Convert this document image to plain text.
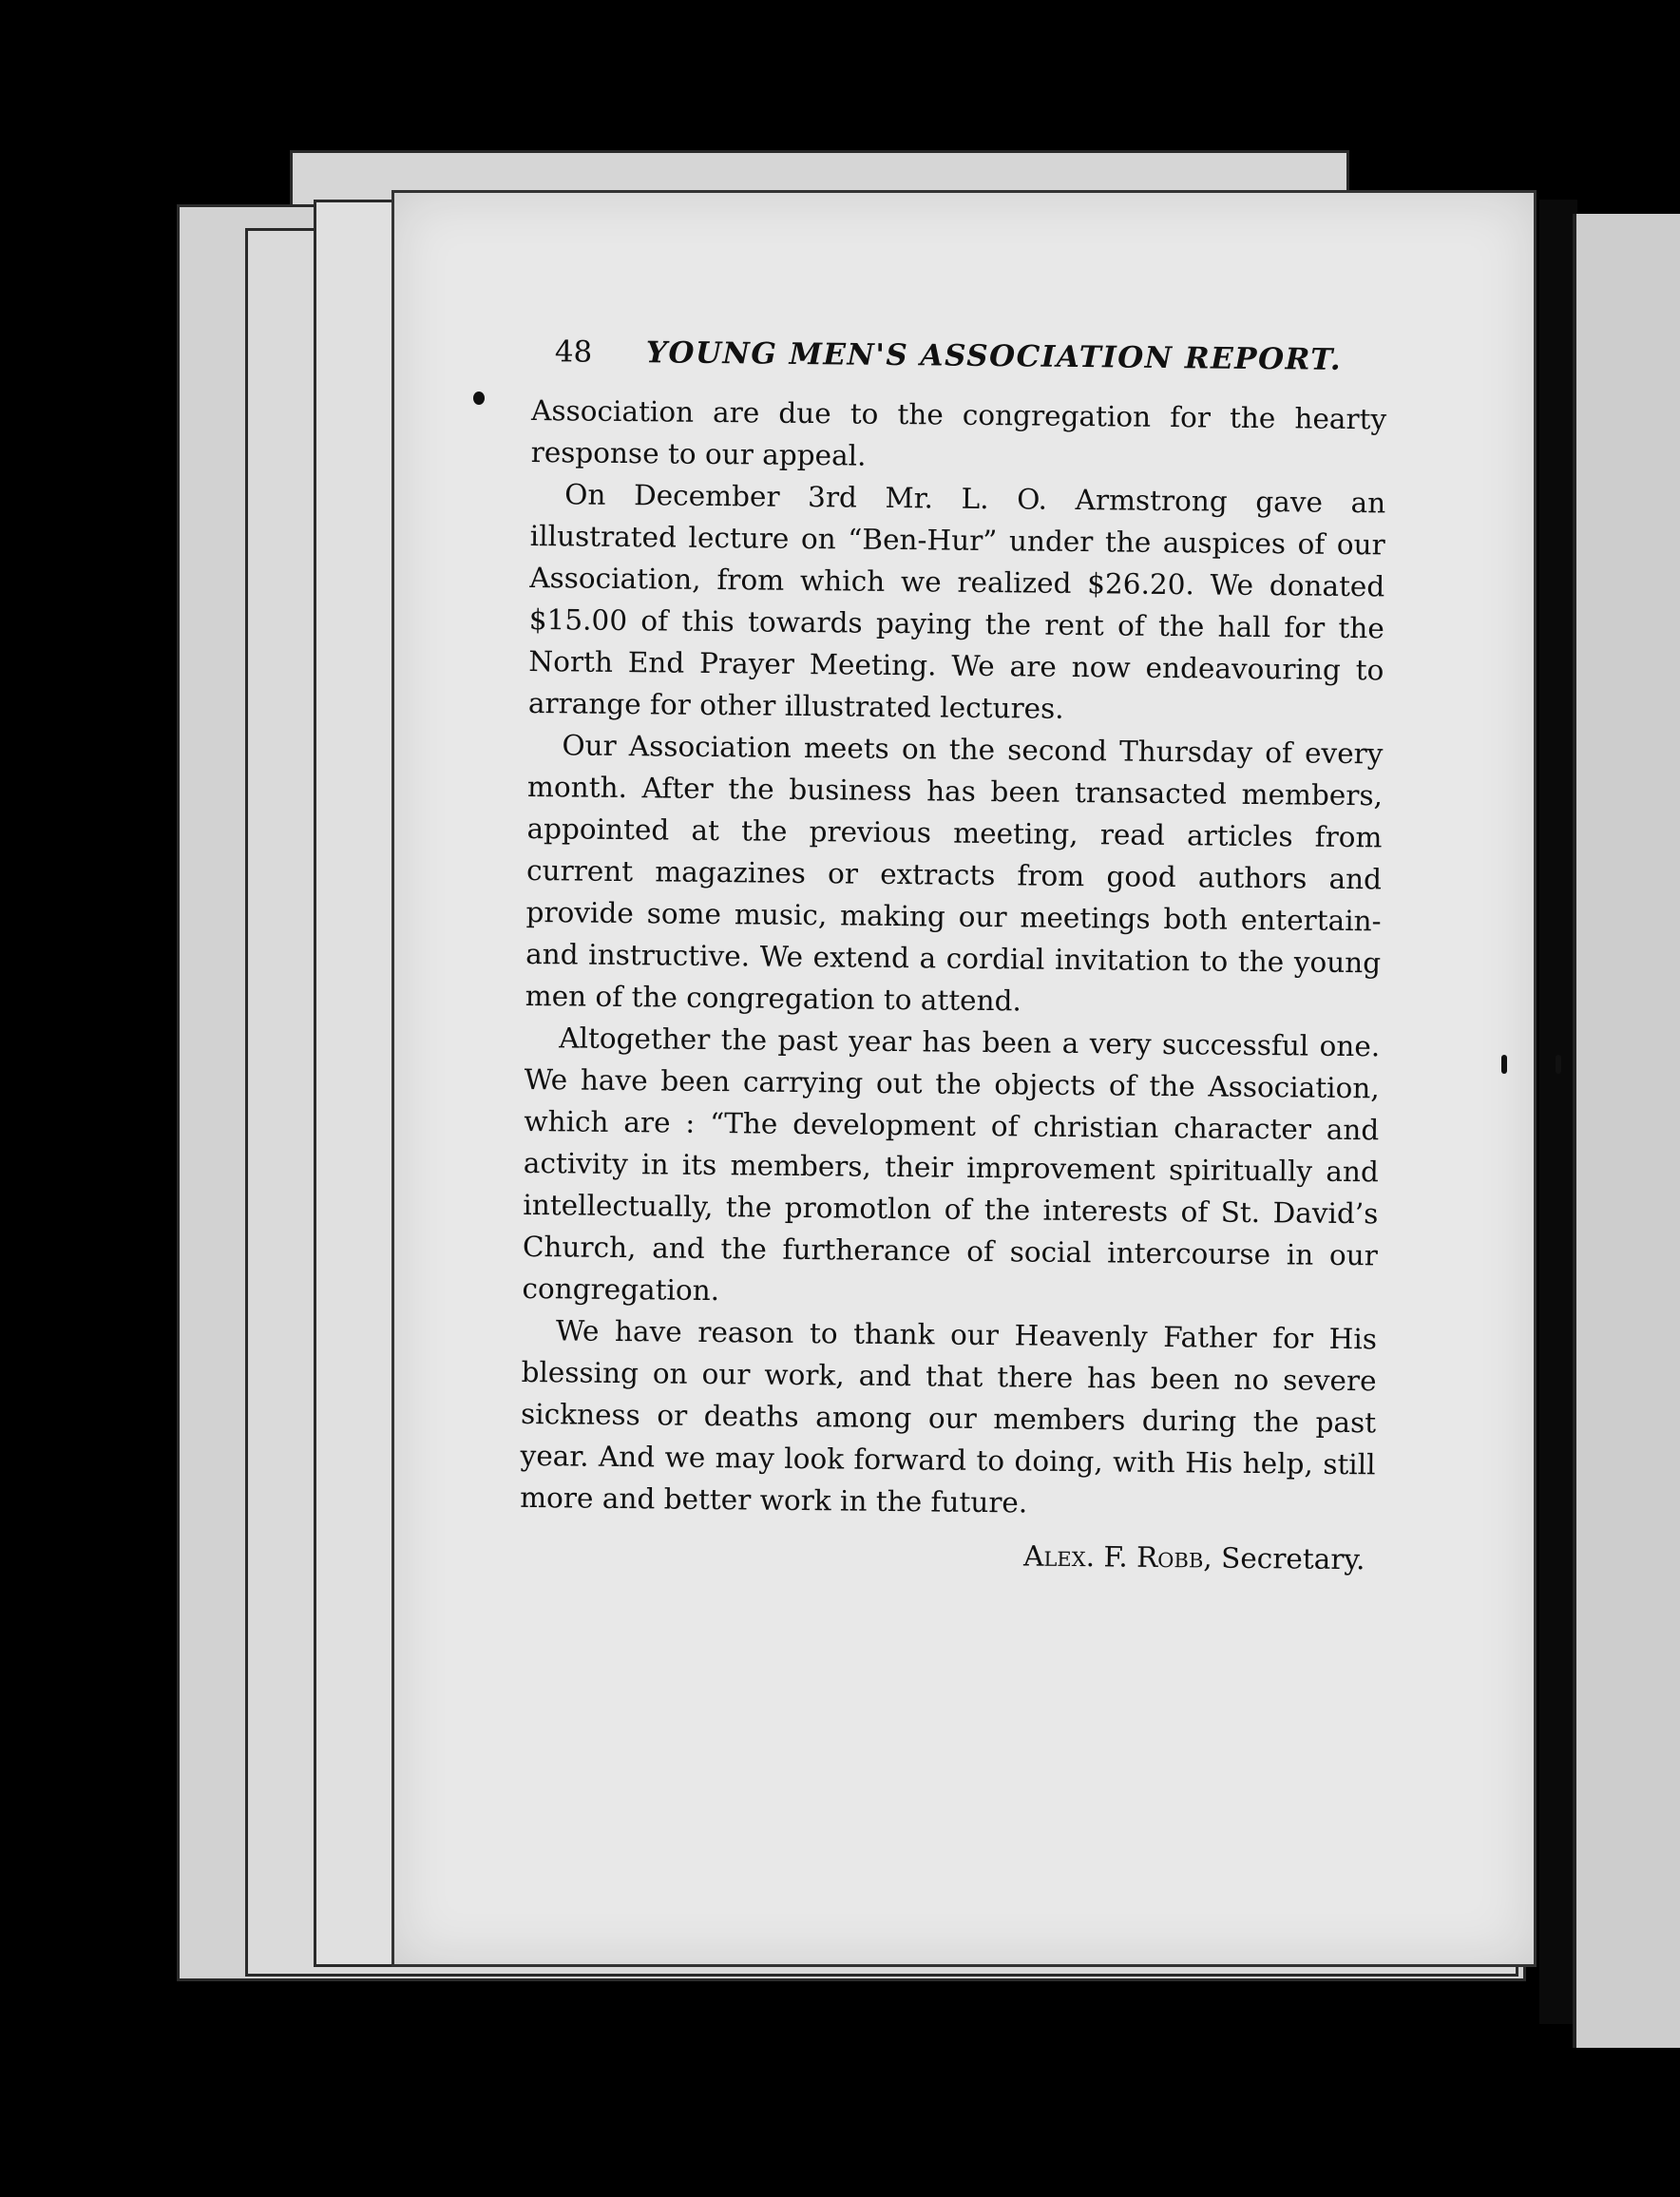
48	YOUNG MEN'S ASSOCIATION REPORT.

Association are due to the congregation for the hearty response to our appeal.

On December 3rd Mr. L. O. Armstrong gave an illustrated lecture on “Ben-Hur” under the auspices of our Association, from which we realized $26.20. We donated $15.00 of this towards paying the rent of the hall for the North End Prayer Meeting. We are now endeavouring to arrange for other illustrated lectures.

Our Association meets on the second Thursday of every month. After the business has been transacted members, appointed at the previous meeting, read articles from current magazines or extracts from good authors and provide some music, making our meetings both entertain- and instructive. We extend a cordial invitation to the young men of the congregation to attend.

Altogether the past year has been a very successful one. We have been carrying out the objects of the Association, which are : “The development of christian character and activity in its members, their improvement spiritually and intellectually, the promotlon of the interests of St. David’s Church, and the furtherance of social intercourse in our congregation.

We have reason to thank our Heavenly Father for His blessing on our work, and that there has been no severe sickness or deaths among our members during the past year. And we may look forward to doing, with His help, still more and better work in the future.

Alex. F. Robb, Secretary.
